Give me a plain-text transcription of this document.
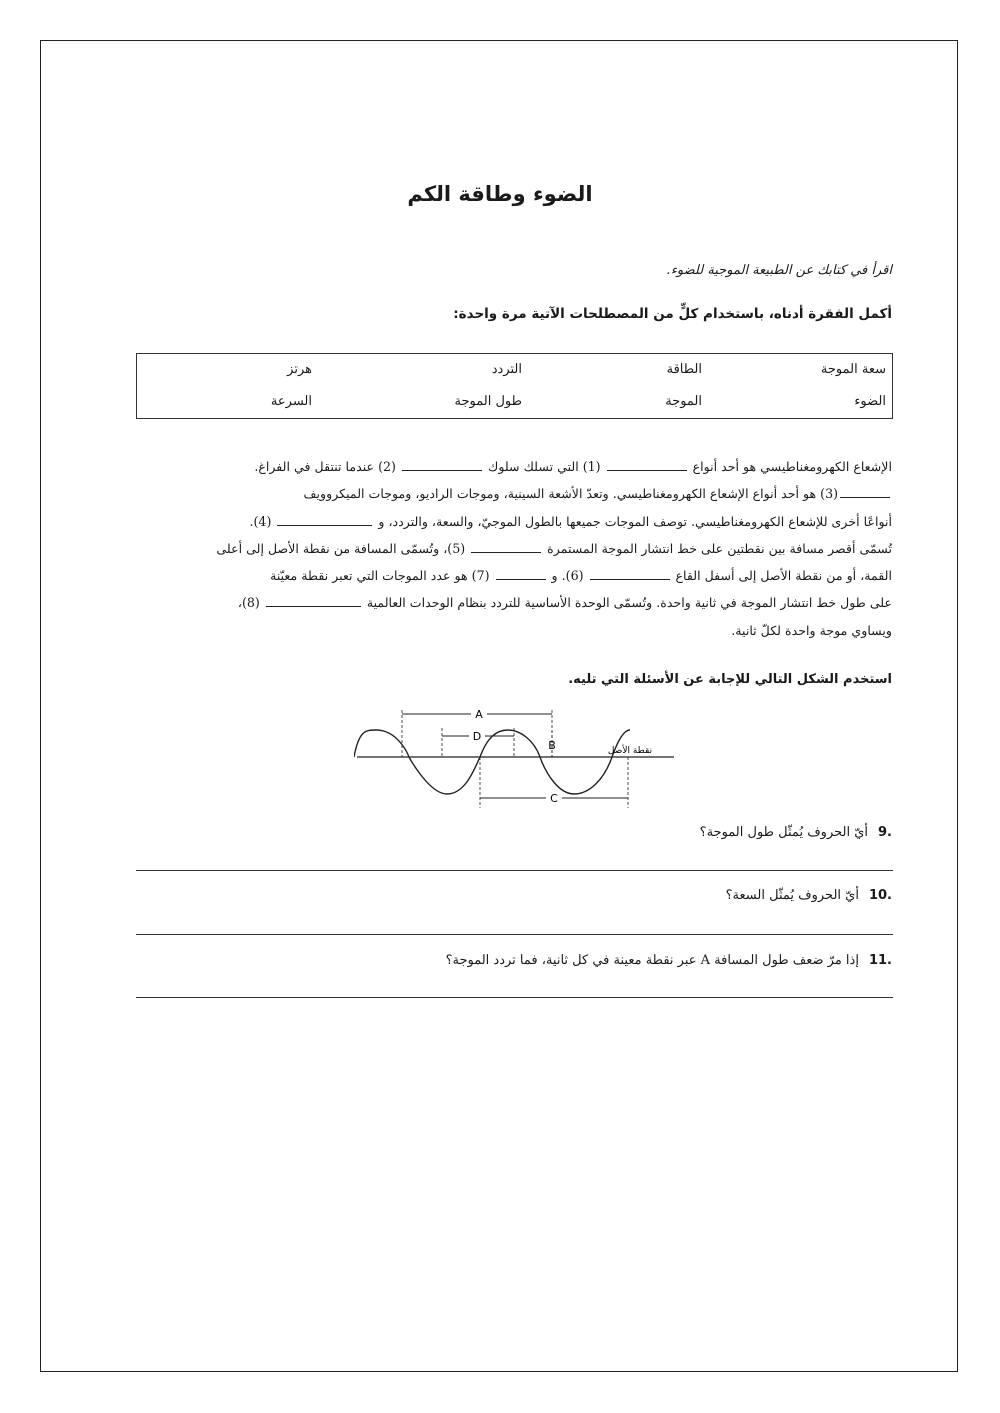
الضوء وطاقة الكم
اقرأ في كتابك عن الطبيعة الموجية للضوء.
أكمل الفقرة أدناه، باستخدام كلٍّ من المصطلحات الآتية مرة واحدة:
سعة الموجة
الطاقة
التردد
هرتز
الضوء
الموجة
طول الموجة
السرعة
الإشعاع الكهرومغناطيسي هو أحد أنواع  (1) التي تسلك سلوك  (2) عندما تنتقل في الفراغ.
(3) هو أحد أنواع الإشعاع الكهرومغناطيسي. وتعدّ الأشعة السينية، وموجات الراديو، وموجات الميكروويف
أنواعًا أخرى للإشعاع الكهرومغناطيسي. توصف الموجات جميعها بالطول الموجيّ، والسعة، والتردد، و  (4).
تُسمّى أقصر مسافة بين نقطتين على خط انتشار الموجة المستمرة  (5)، وتُسمّى المسافة من نقطة الأصل إلى أعلى
القمة، أو من نقطة الأصل إلى أسفل القاع  (6). و  (7) هو عدد الموجات التي تعبر نقطة معيّنة
على طول خط انتشار الموجة في ثانية واحدة. وتُسمّى الوحدة الأساسية للتردد بنظام الوحدات العالمية  (8)،
ويساوي موجة واحدة لكلّ ثانية.
استخدم الشكل التالي للإجابة عن الأسئلة التي تليه.
A
D
B
C
نقطة الأصل
.9أيّ الحروف يُمثّل طول الموجة؟
.10أيّ الحروف يُمثّل السعة؟
.11إذا مرّ ضعف طول المسافة A عبر نقطة معينة في كل ثانية، فما تردد الموجة؟
